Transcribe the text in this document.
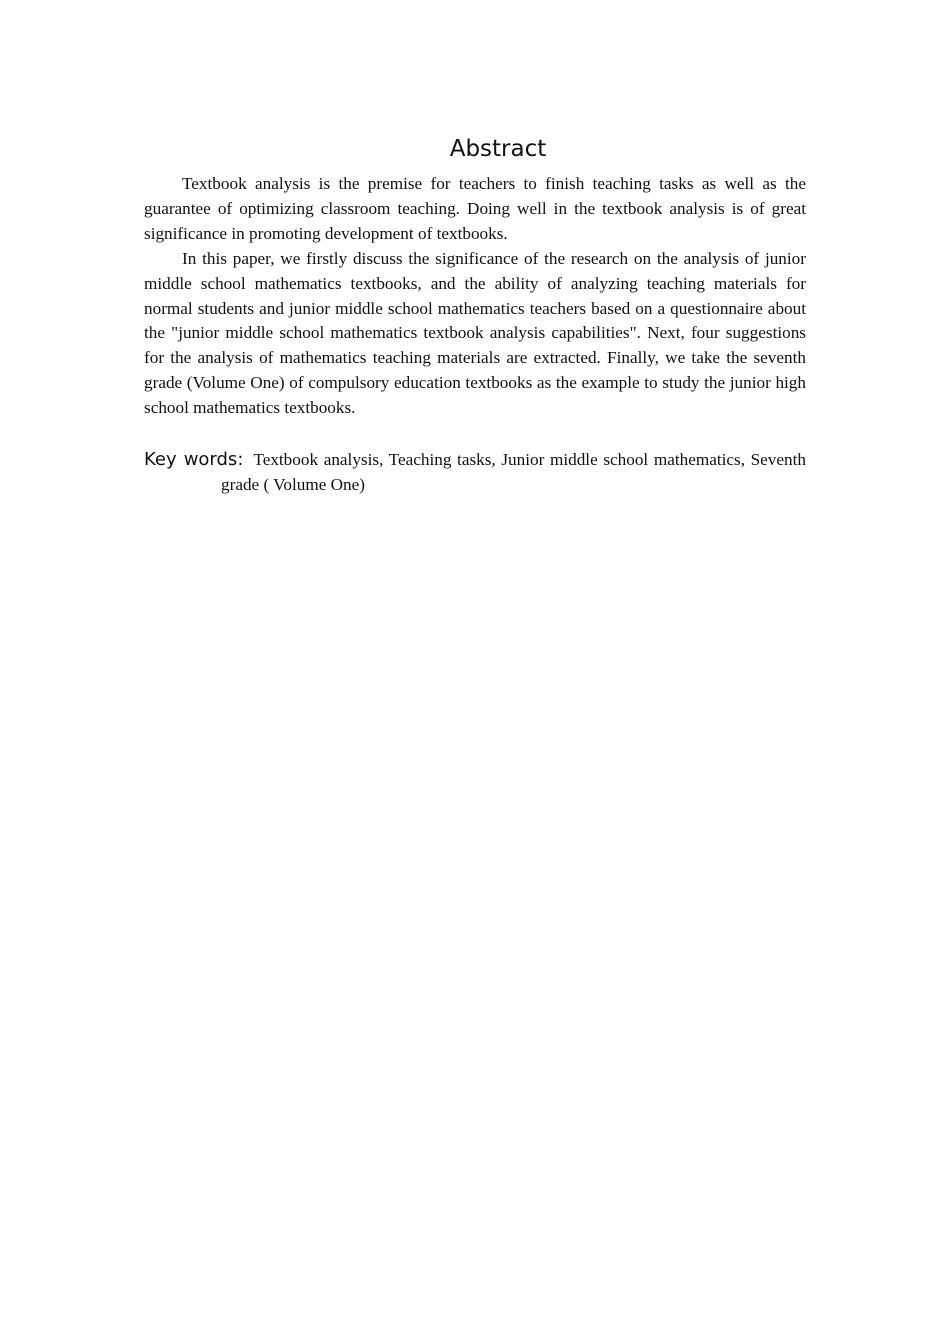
Abstract

Textbook analysis is the premise for teachers to finish teaching tasks as well as the guarantee of optimizing classroom teaching. Doing well in the textbook analysis is of great significance in promoting development of textbooks.

In this paper, we firstly discuss the significance of the research on the analysis of junior middle school mathematics textbooks, and the ability of analyzing teaching materials for normal students and junior middle school mathematics teachers based on a questionnaire about the "junior middle school mathematics textbook analysis capabilities". Next, four suggestions for the analysis of mathematics teaching materials are extracted. Finally, we take the seventh grade (Volume One) of compulsory education textbooks as the example to study the junior high school mathematics textbooks.

Key words: Textbook analysis, Teaching tasks, Junior middle school mathematics, Seventh grade ( Volume One)
